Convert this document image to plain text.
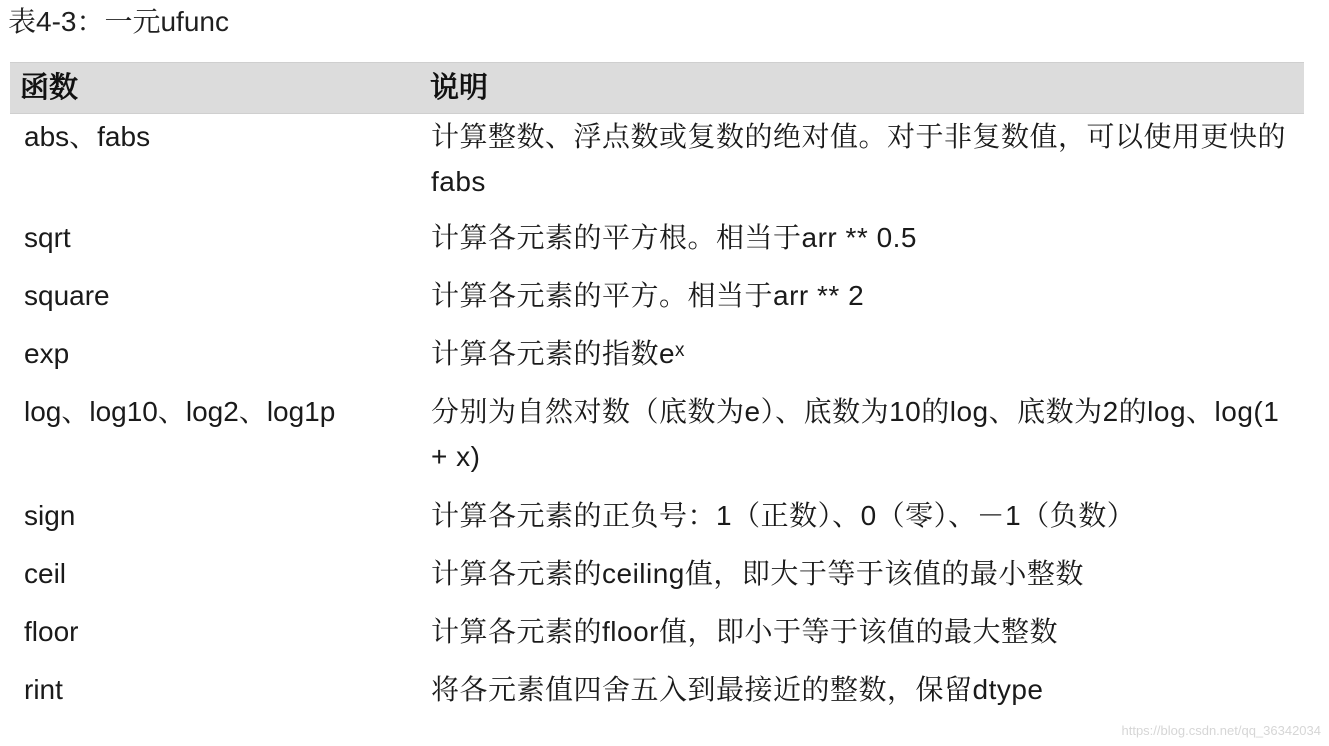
表4-3：一元ufunc
函数	说明
abs、fabs	计算整数、浮点数或复数的绝对值。对于非复数值，可以使用更快的fabs
sqrt	计算各元素的平方根。相当于arr ** 0.5
square	计算各元素的平方。相当于arr ** 2
exp	计算各元素的指数eˣ
log、log10、log2、log1p	分别为自然对数（底数为e）、底数为10的log、底数为2的log、log(1 + x)
sign	计算各元素的正负号：1（正数）、0（零）、－1（负数）
ceil	计算各元素的ceiling值，即大于等于该值的最小整数
floor	计算各元素的floor值，即小于等于该值的最大整数
rint	将各元素值四舍五入到最接近的整数，保留dtype
https://blog.csdn.net/qq_36342034
